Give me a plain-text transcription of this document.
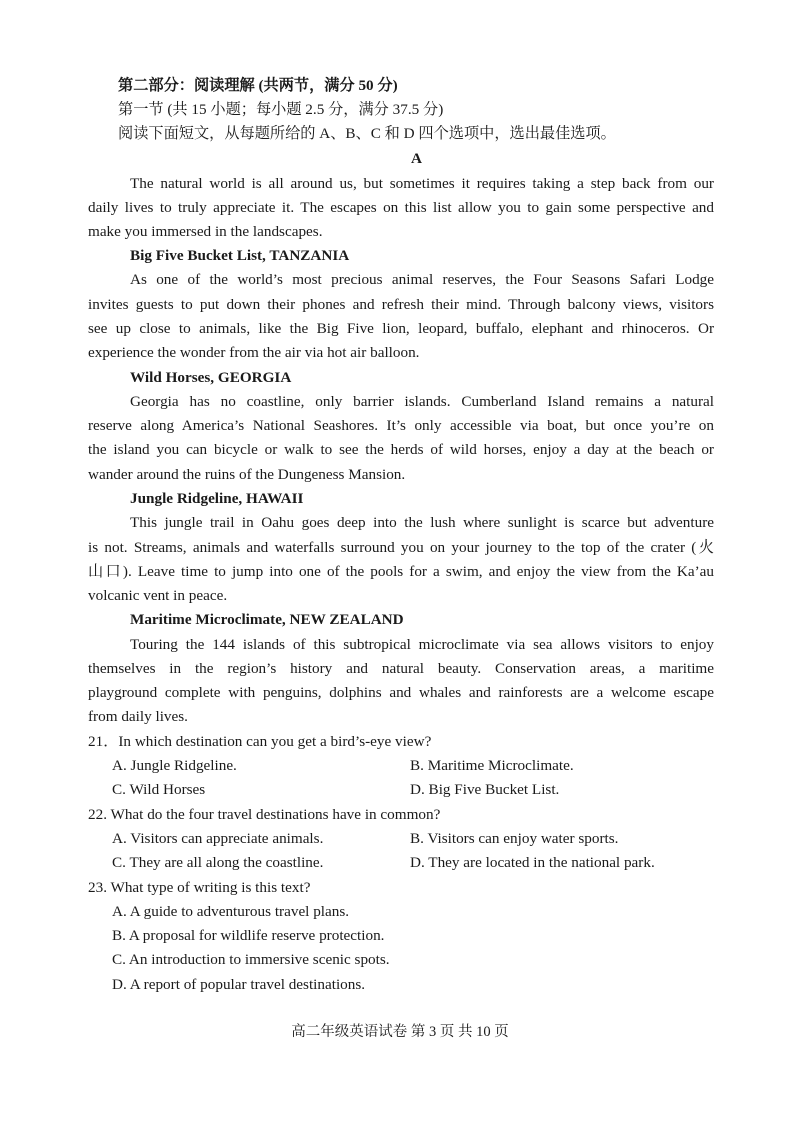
第二部分：阅读理解 (共两节，满分 50 分)
第一节 (共 15 小题；每小题 2.5 分，满分 37.5 分)
阅读下面短文，从每题所给的 A、B、C 和 D 四个选项中，选出最佳选项。
A
The natural world is all around us, but sometimes it requires taking a step back from our
daily lives to truly appreciate it. The escapes on this list allow you to gain some perspective and
make you immersed in the landscapes.
Big Five Bucket List, TANZANIA
As one of the world’s most precious animal reserves, the Four Seasons Safari Lodge
invites guests to put down their phones and refresh their mind. Through balcony views, visitors
see up close to animals, like the Big Five lion, leopard, buffalo, elephant and rhinoceros. Or
experience the wonder from the air via hot air balloon.
Wild Horses, GEORGIA
Georgia has no coastline, only barrier islands. Cumberland Island remains a natural
reserve along America’s National Seashores. It’s only accessible via boat, but once you’re on
the island you can bicycle or walk to see the herds of wild horses, enjoy a day at the beach or
wander around the ruins of the Dungeness Mansion.
Jungle Ridgeline, HAWAII
This jungle trail in Oahu goes deep into the lush where sunlight is scarce but adventure
is not. Streams, animals and waterfalls surround you on your journey to the top of the crater (火
山口). Leave time to jump into one of the pools for a swim, and enjoy the view from the Ka’au
volcanic vent in peace.
Maritime Microclimate, NEW ZEALAND
Touring the 144 islands of this subtropical microclimate via sea allows visitors to enjoy
themselves in the region’s history and natural beauty. Conservation areas, a maritime
playground complete with penguins, dolphins and whales and rainforests are a welcome escape
from daily lives.
21．In which destination can you get a bird’s-eye view?
A. Jungle Ridgeline.	B. Maritime Microclimate.
C. Wild Horses	D. Big Five Bucket List.
22. What do the four travel destinations have in common?
A. Visitors can appreciate animals.	B. Visitors can enjoy water sports.
C. They are all along the coastline.	D. They are located in the national park.
23. What type of writing is this text?
A. A guide to adventurous travel plans.
B. A proposal for wildlife reserve protection.
C. An introduction to immersive scenic spots.
D. A report of popular travel destinations.
高二年级英语试卷 第 3 页 共 10 页
